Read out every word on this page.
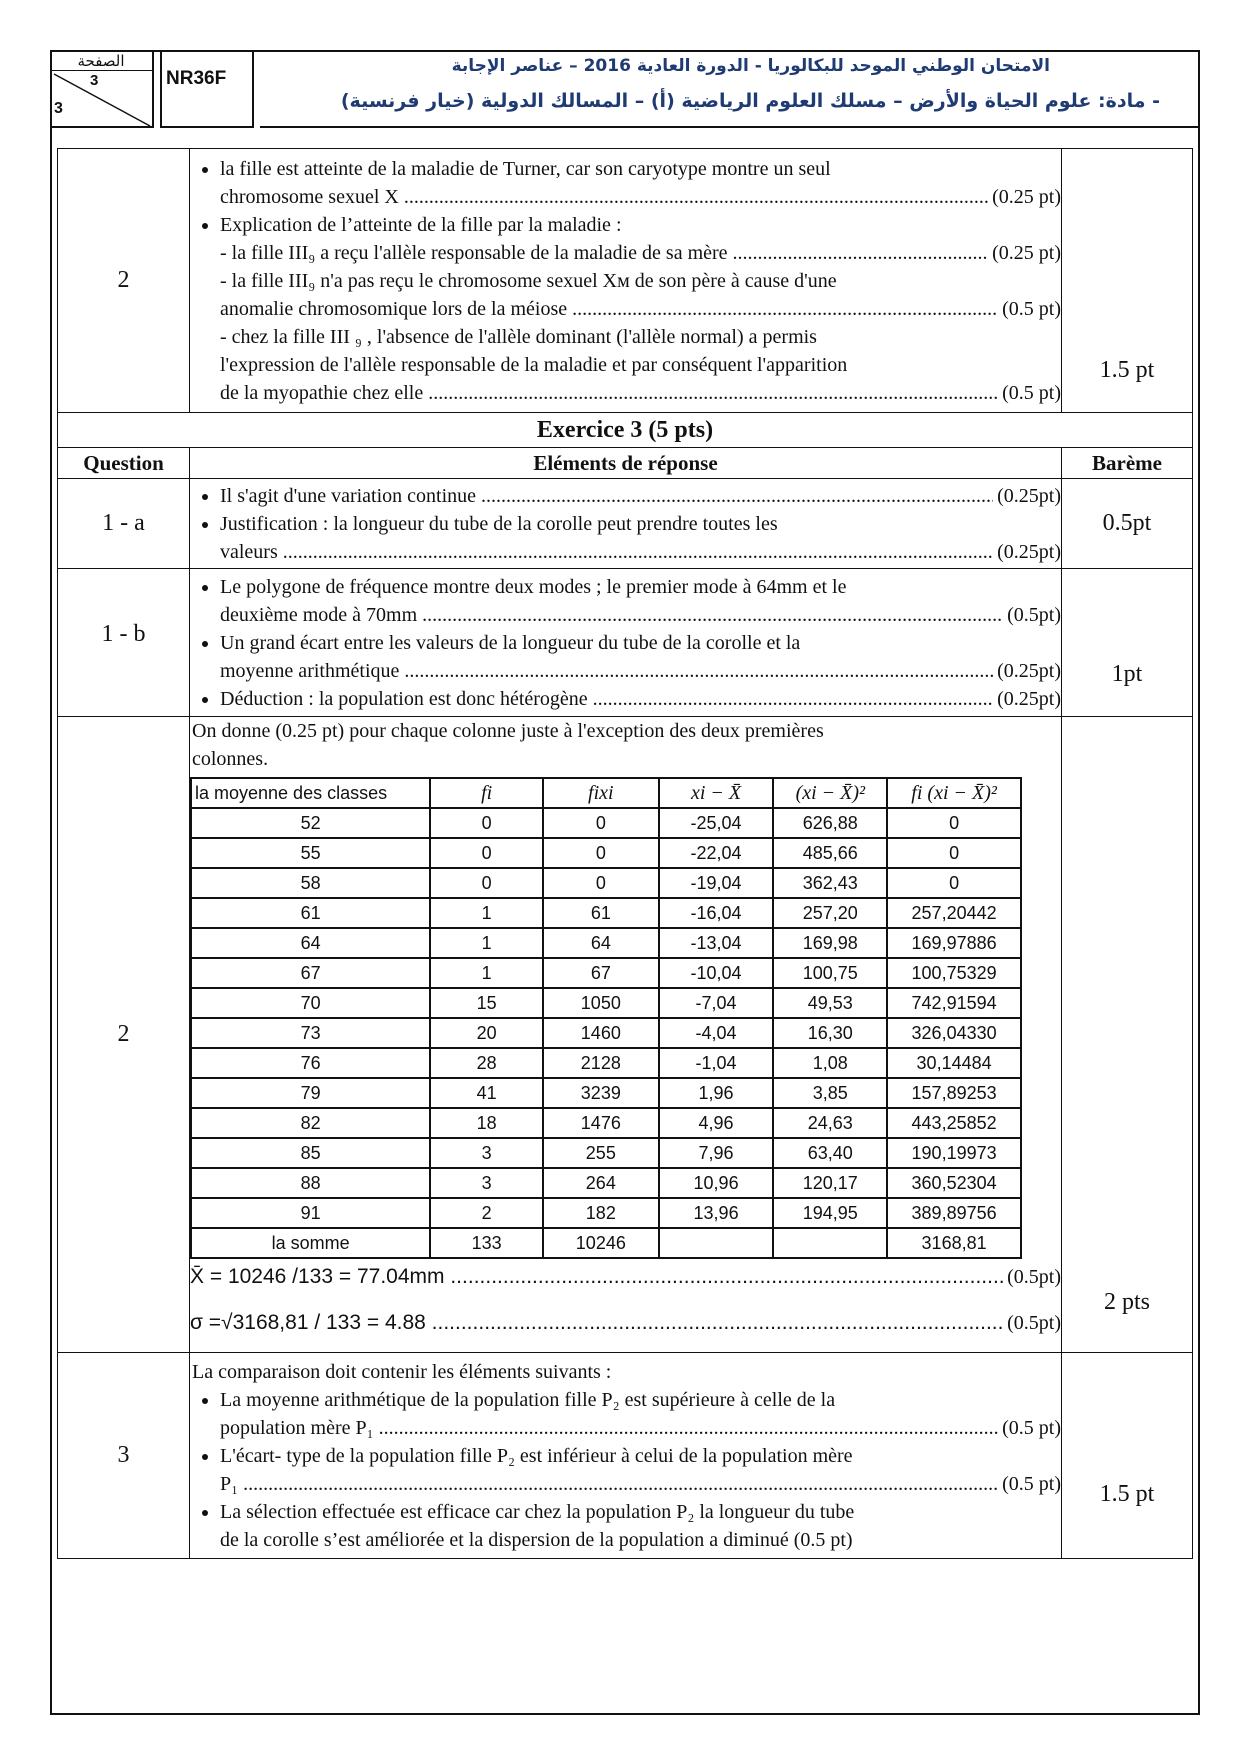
الصفحة
3
3
NR36F
الامتحان الوطني الموحد للبكالوريا - الدورة العادية 2016 – عناصر الإجابة
- مادة: علوم الحياة والأرض – مسلك العلوم الرياضية (أ) – المسالك الدولية (خيار فرنسية)
2	
• la fille est atteinte de la maladie de Turner, car son caryotype montre un seul
chromosome sexuel X .....	(0.25 pt)
• Explication de l’atteinte de la fille par la maladie :
- la fille III₉ a reçu l'allèle responsable de la maladie de sa mère .....	(0.25 pt)
- la fille III₉ n'a pas reçu le chromosome sexuel Xᴍ de son père à cause d'une
anomalie chromosomique lors de la méiose .....	(0.5 pt)
- chez la fille III ₉ , l'absence de l'allèle dominant (l'allèle normal) a permis
l'expression de l'allèle responsable de la maladie et par conséquent l'apparition
de la myopathie chez elle .....	(0.5 pt)
	1.5 pt
Exercice 3 (5 pts)
Question	Eléments de réponse	Barème
1 - a	
• Il s'agit d'une variation continue .....	(0.25pt)
• Justification : la longueur du tube de la corolle peut prendre toutes les
valeurs .....	(0.25pt)
	0.5pt
1 - b	
• Le polygone de fréquence montre deux modes ; le premier mode à 64mm et le
deuxième mode à 70mm .....	(0.5pt)
• Un grand écart entre les valeurs de la longueur du tube de la corolle et la
moyenne arithmétique .....	(0.25pt)
• Déduction : la population est donc hétérogène .....	(0.25pt)
	1pt
2	
On donne (0.25 pt) pour chaque colonne juste à l'exception des deux premières
colonnes.
la moyenne des classes	fi	fixi	xi − X̄	(xi − X̄)²	fi (xi − X̄)²
52	0	0	-25,04	626,88	0
55	0	0	-22,04	485,66	0
58	0	0	-19,04	362,43	0
61	1	61	-16,04	257,20	257,20442
64	1	64	-13,04	169,98	169,97886
67	1	67	-10,04	100,75	100,75329
70	15	1050	-7,04	49,53	742,91594
73	20	1460	-4,04	16,30	326,04330
76	28	2128	-1,04	1,08	30,14484
79	41	3239	1,96	3,85	157,89253
82	18	1476	4,96	24,63	443,25852
85	3	255	7,96	63,40	190,19973
88	3	264	10,96	120,17	360,52304
91	2	182	13,96	194,95	389,89756
la somme	133	10246			3168,81
X̄ = 10246 /133 = 77.04mm .....	(0.5pt)
σ =√3168,81 / 133 = 4.88 .....	(0.5pt)
	2 pts
3	
La comparaison doit contenir les éléments suivants :
• La moyenne arithmétique de la population fille P₂ est supérieure à celle de la
population mère P₁ .....	(0.5 pt)
• L'écart- type de la population fille P₂ est inférieur à celui de la population mère
P₁ .....	(0.5 pt)
• La sélection effectuée est efficace car chez la population P₂ la longueur du tube
de la corolle s’est améliorée et la dispersion de la population a diminué (0.5 pt)
	1.5 pt
